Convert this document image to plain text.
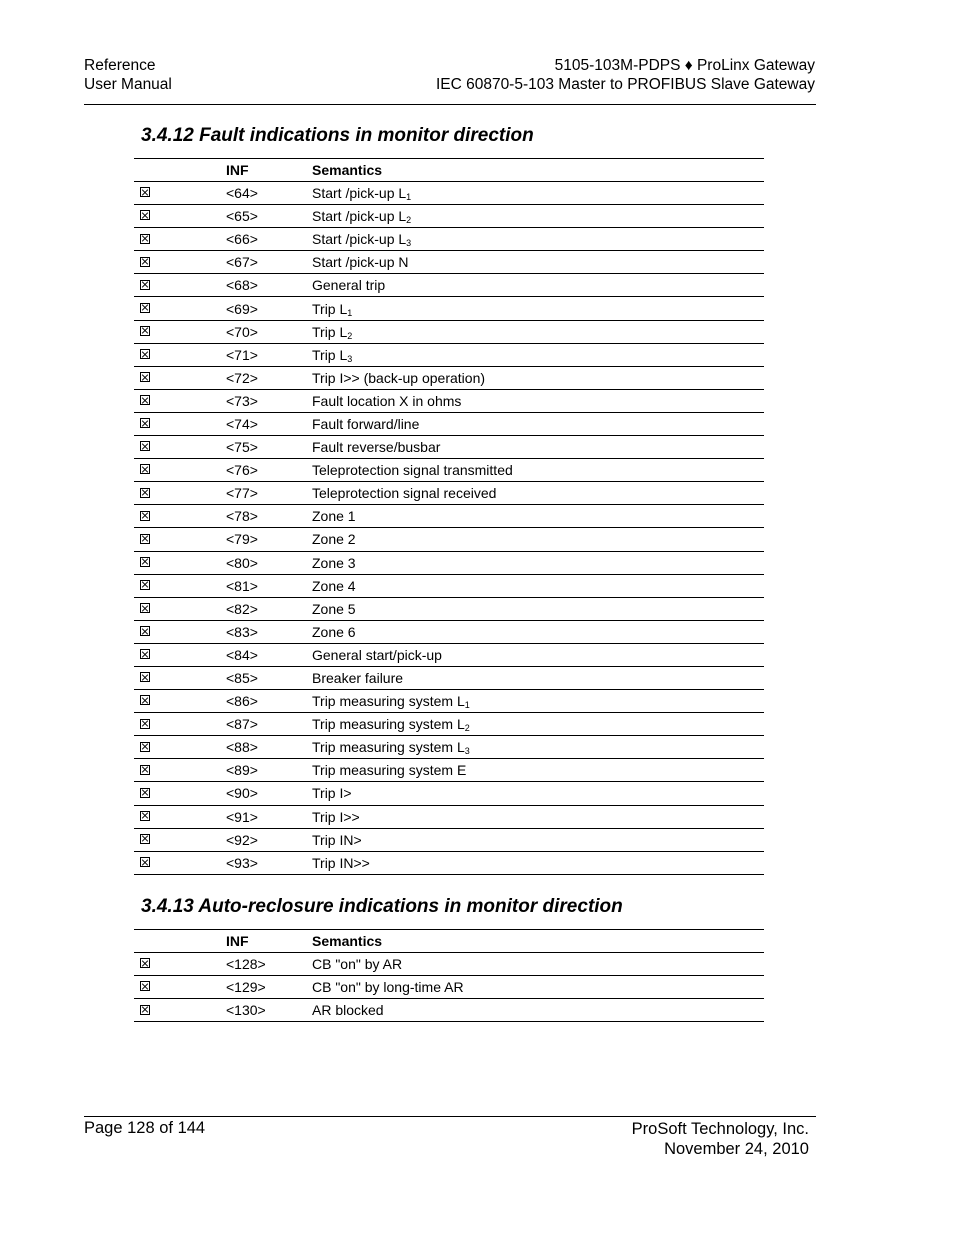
Reference
User Manual
5105-103M-PDPS ♦ ProLinx Gateway
IEC 60870-5-103 Master to PROFIBUS Slave Gateway
3.4.12 Fault indications in monitor direction
	INF	Semantics
	<64>	Start /pick-up $L_1$
	<65>	Start /pick-up $L_2$
	<66>	Start /pick-up $L_3$
	<67>	Start /pick-up N
	<68>	General trip
	<69>	Trip $L_1$
	<70>	Trip $L_2$
	<71>	Trip $L_3$
	<72>	Trip I>> (back-up operation)
	<73>	Fault location X in ohms
	<74>	Fault forward/line
	<75>	Fault reverse/busbar
	<76>	Teleprotection signal transmitted
	<77>	Teleprotection signal received
	<78>	Zone 1
	<79>	Zone 2
	<80>	Zone 3
	<81>	Zone 4
	<82>	Zone 5
	<83>	Zone 6
	<84>	General start/pick-up
	<85>	Breaker failure
	<86>	Trip measuring system $L_1$
	<87>	Trip measuring system $L_2$
	<88>	Trip measuring system $L_3$
	<89>	Trip measuring system E
	<90>	Trip I>
	<91>	Trip I>>
	<92>	Trip IN>
	<93>	Trip IN>>
3.4.13 Auto-reclosure indications in monitor direction
	INF	Semantics
	<128>	CB "on" by AR
	<129>	CB "on" by long-time AR
	<130>	AR blocked
Page 128 of 144	ProSoft Technology, Inc.
November 24, 2010
